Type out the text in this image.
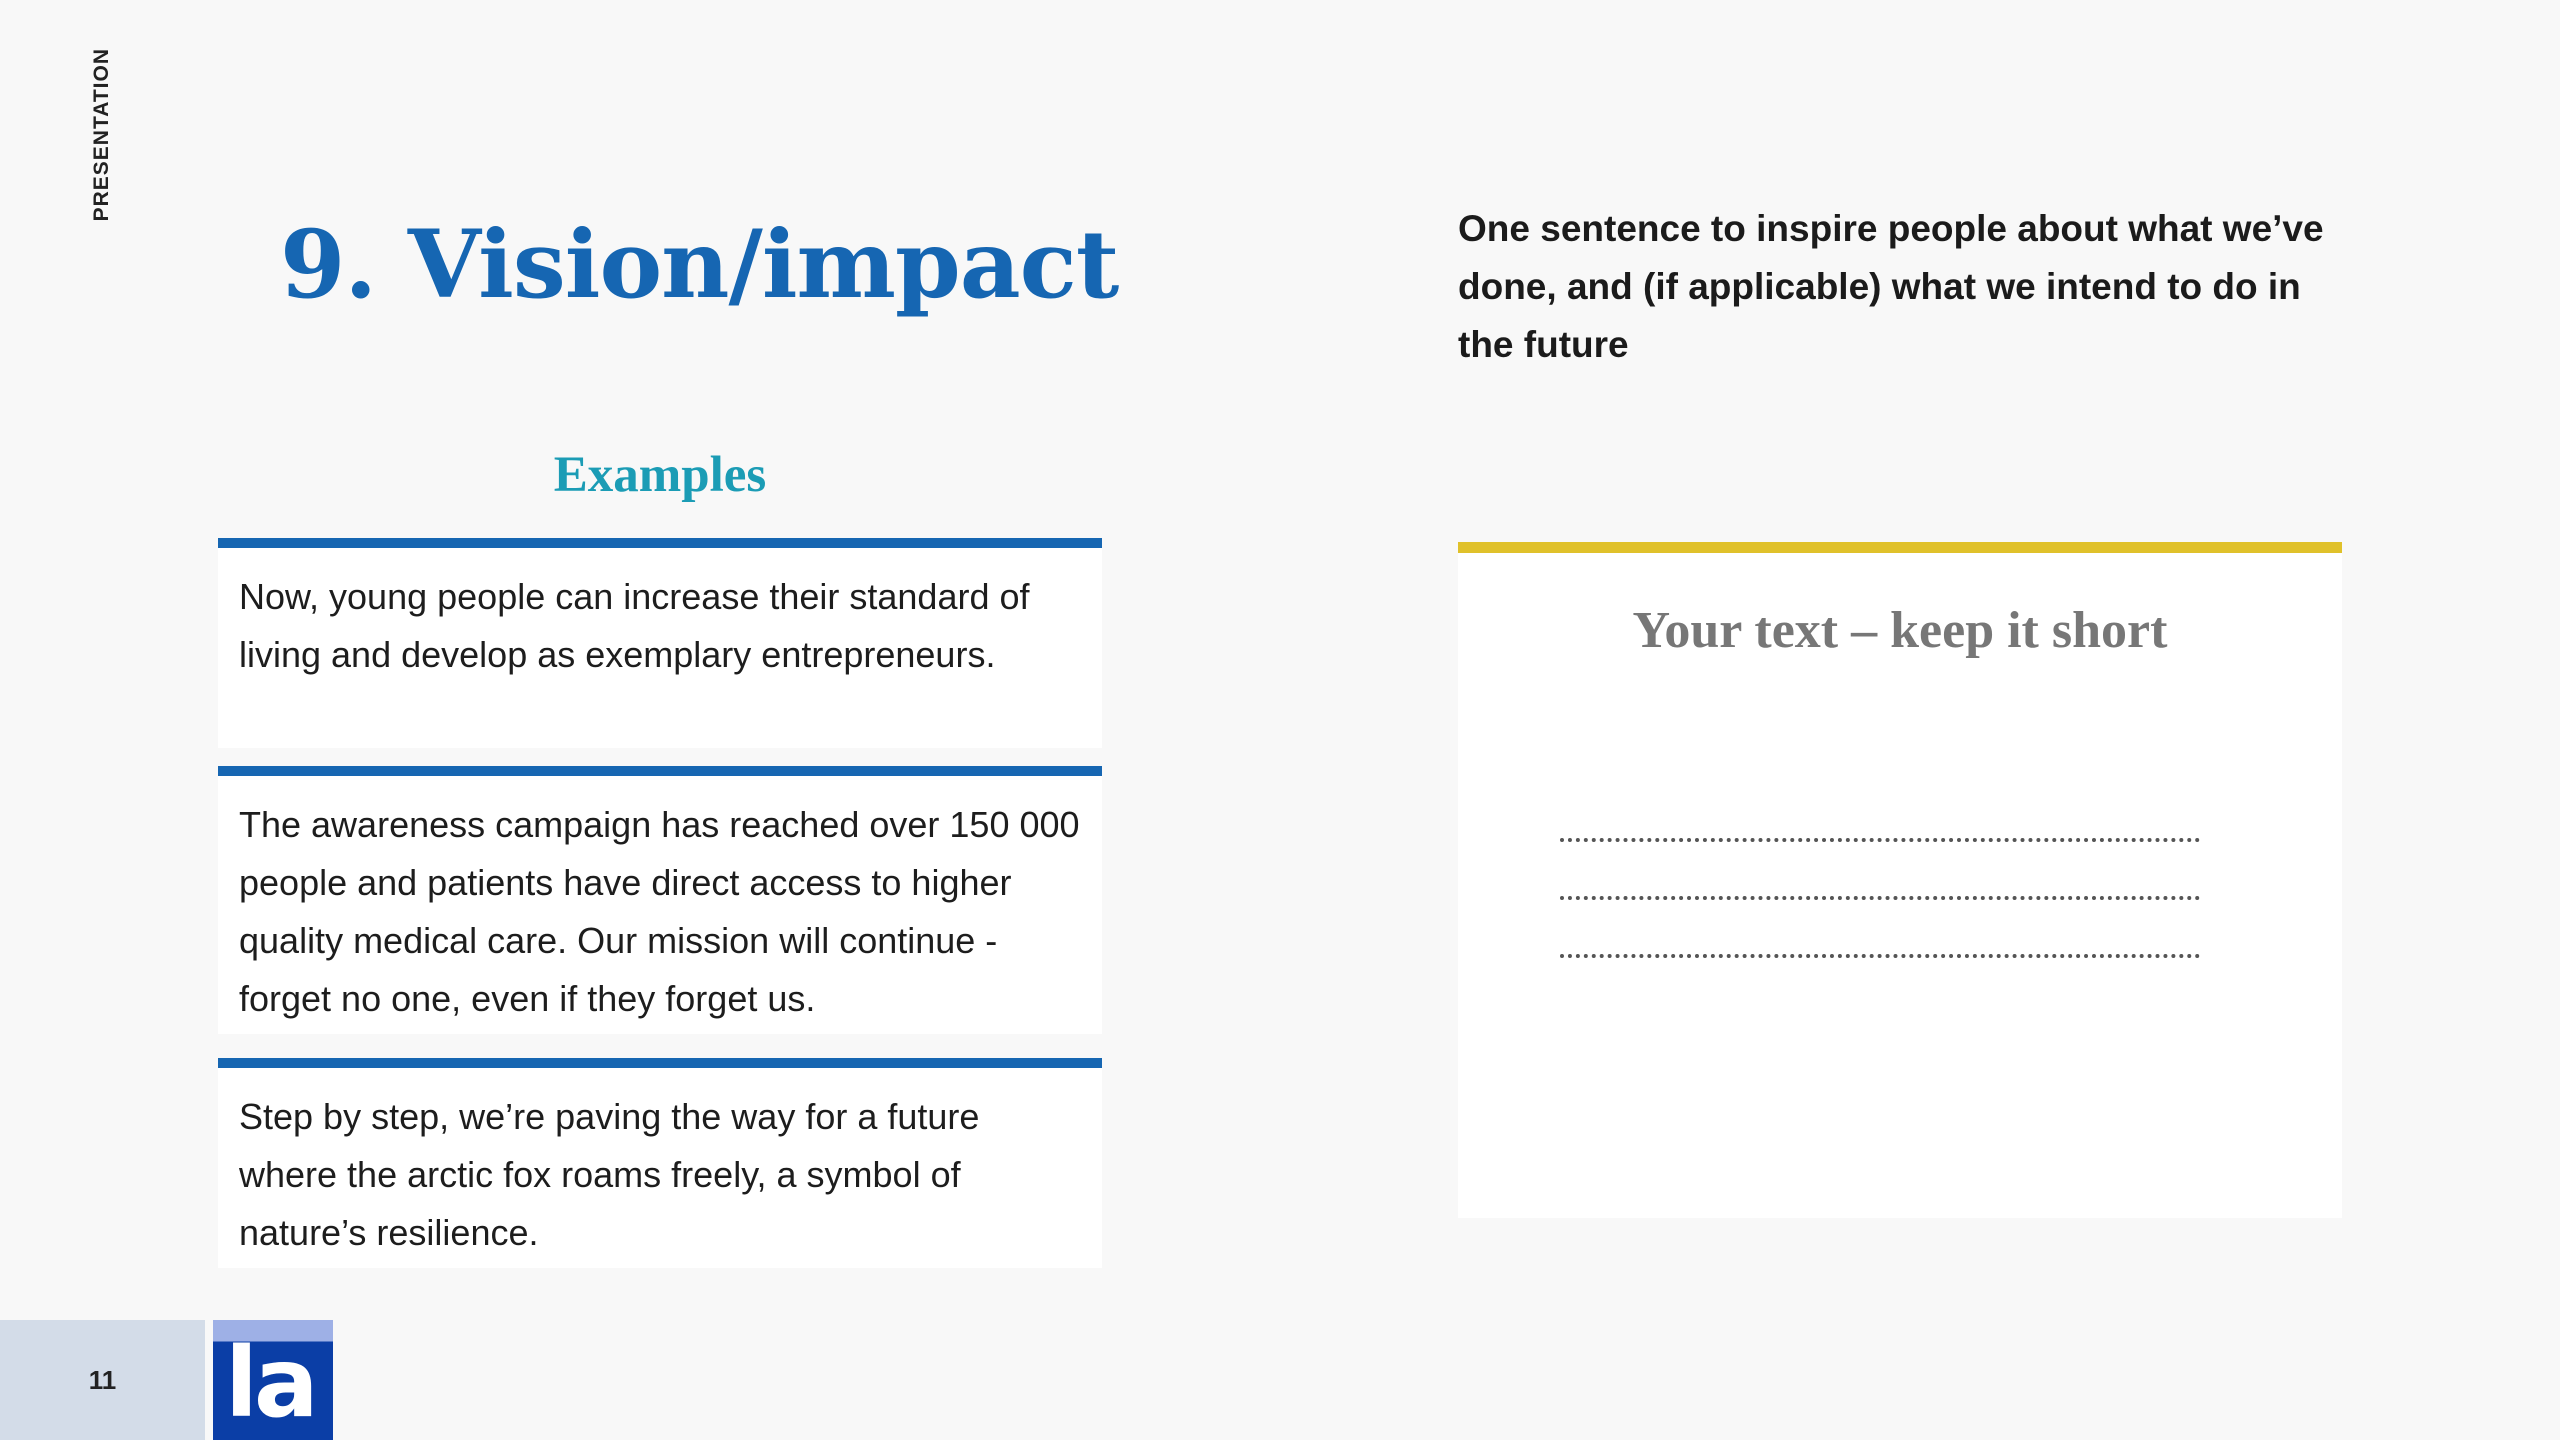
PRESENTATION
9. Vision/impact	One sentence to inspire people about what we’ve done, and (if applicable) what we intend to do in the future

Examples

Now, young people can increase their standard of living and develop as exemplary entrepreneurs.

The awareness campaign has reached over 150 000 people and patients have direct access to higher quality medical care. Our mission will continue - forget no one, even if they forget us.

Step by step, we’re paving the way for a future where the arctic fox roams freely, a symbol of nature’s resilience.

Your text – keep it short

11 la
